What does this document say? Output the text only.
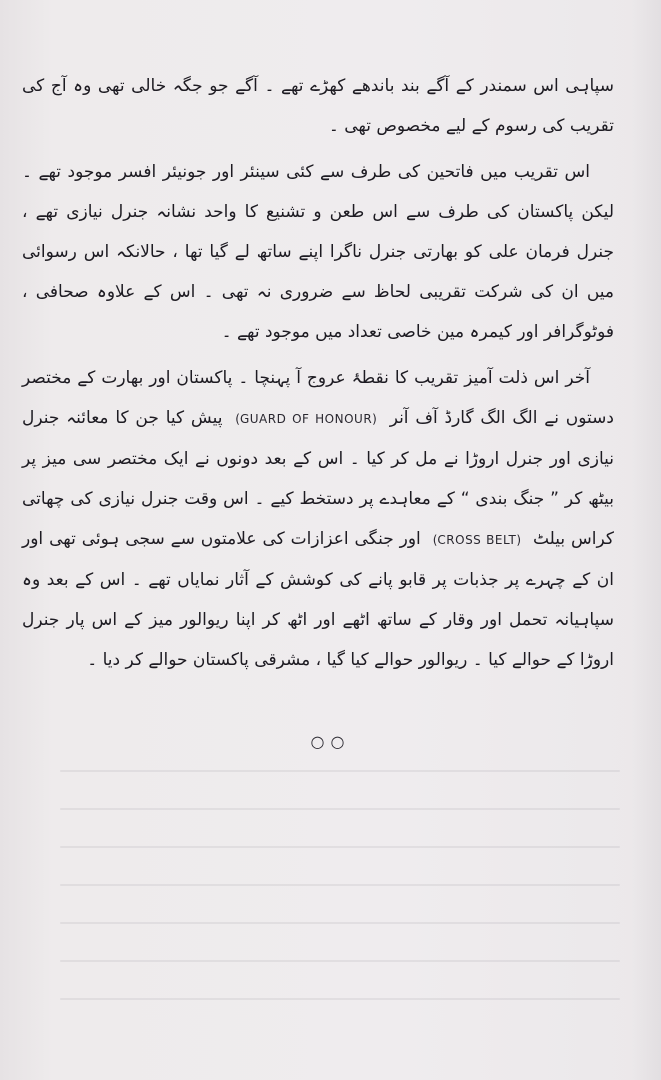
سپاہی اس سمندر کے آگے بند باندھے کھڑے تھے ۔ آگے جو جگہ خالی تھی وہ آج کی تقریب کی رسوم کے لیے مخصوص تھی ۔

اس تقریب میں فاتحین کی طرف سے کئی سینئر اور جونیئر افسر موجود تھے ۔ لیکن پاکستان کی طرف سے اس طعن و تشنیع کا واحد نشانہ جنرل نیازی تھے ، جنرل فرمان علی کو بھارتی جنرل ناگرا اپنے ساتھ لے گیا تھا ، حالانکہ اس رسوائی میں ان کی شرکت تقریبی لحاظ سے ضروری نہ تھی ۔ اس کے علاوہ صحافی ، فوٹوگرافر اور کیمرہ مین خاصی تعداد میں موجود تھے ۔

آخر اس ذلت آمیز تقریب کا نقطۂ عروج آ پہنچا ۔ پاکستان اور بھارت کے مختصر دستوں نے الگ الگ گارڈ آف آنر (GUARD OF HONOUR) پیش کیا جن کا معائنہ جنرل نیازی اور جنرل اروڑا نے مل کر کیا ۔ اس کے بعد دونوں نے ایک مختصر سی میز پر بیٹھ کر ” جنگ بندی “ کے معاہدے پر دستخط کیے ۔ اس وقت جنرل نیازی کی چھاتی کراس بیلٹ (CROSS BELT) اور جنگی اعزازات کی علامتوں سے سجی ہوئی تھی اور ان کے چہرے پر جذبات پر قابو پانے کی کوشش کے آثار نمایاں تھے ۔ اس کے بعد وہ سپاہیانہ تحمل اور وقار کے ساتھ اٹھے اور اٹھ کر اپنا ریوالور میز کے اس پار جنرل اروڑا کے حوالے کیا ۔ ریوالور حوالے کیا گیا ، مشرقی پاکستان حوالے کر دیا ۔

○○
